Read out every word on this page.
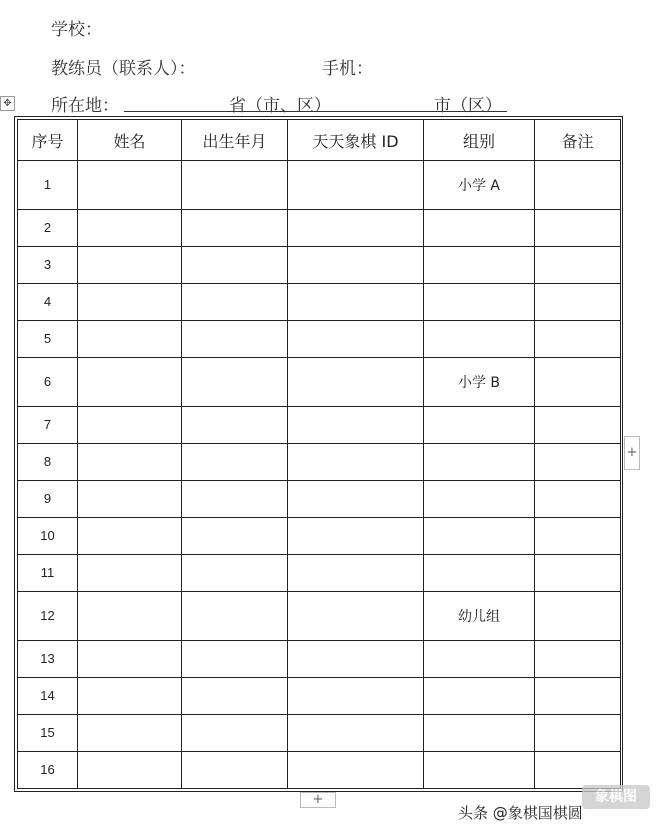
学校：
教练员（联系人）：	手机：
所在地：	省（市、区）	市（区）
✥
序号	姓名	出生年月	天天象棋 ID	组别	备注
1				小学 A	
2					
3					
4					
5					
6				小学 B	
7					
8					
9					
10					
11					
12				幼儿组	
13					
14					
15					
16					
+
+	象棋图
头条 @象棋国棋圆
